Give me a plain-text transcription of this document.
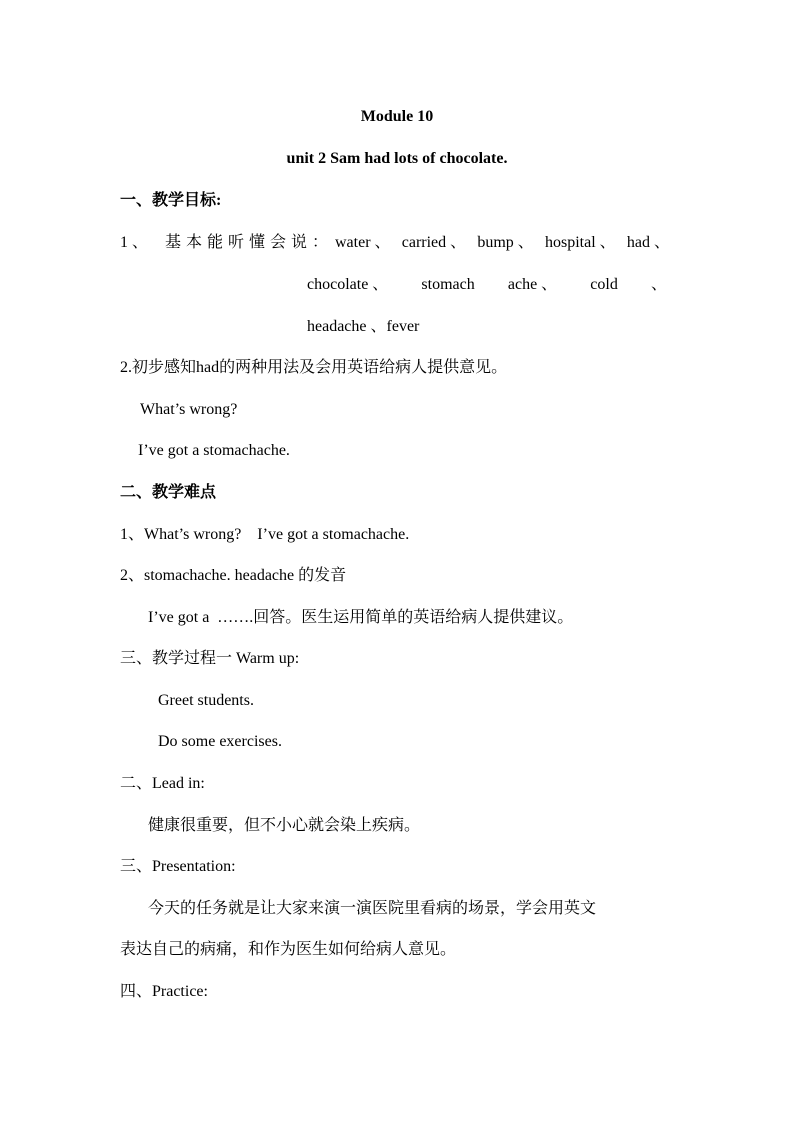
Module 10
unit 2 Sam had lots of chocolate.
一、教学目标:
1 、 基本能听懂会说： water 、 carried 、 bump 、 hospital 、 had 、
chocolate 、 stomach ache 、 cold 、
headache 、fever
2.初步感知had的两种用法及会用英语给病人提供意见。
What’s wrong?
I’ve got a stomachache.
二、教学难点
1、What’s wrong?    I’ve got a stomachache.
2、stomachache. headache 的发音
I’ve got a  …….回答。医生运用简单的英语给病人提供建议。
三、教学过程一 Warm up:
Greet students.
Do some exercises.
二、Lead in:
健康很重要，但不小心就会染上疾病。
三、Presentation:
今天的任务就是让大家来演一演医院里看病的场景，学会用英文
表达自己的病痛，和作为医生如何给病人意见。
四、Practice:
